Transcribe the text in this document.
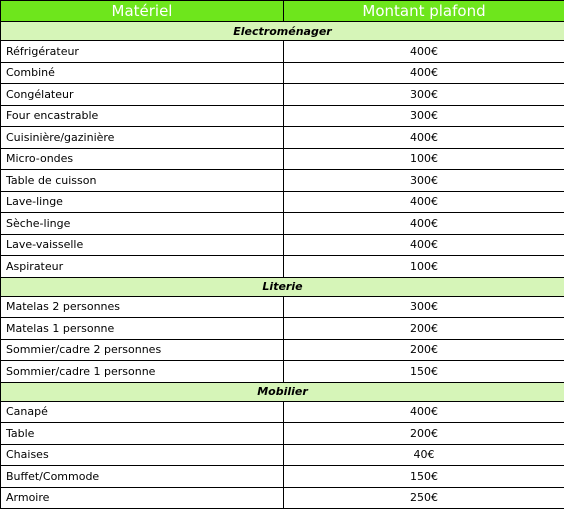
Matériel	Montant plafond
Electroménager	
Réfrigérateur	400€
Combiné	400€
Congélateur	300€
Four encastrable	300€
Cuisinière/gazinière	400€
Micro-ondes	100€
Table de cuisson	300€
Lave-linge	400€
Sèche-linge	400€
Lave-vaisselle	400€
Aspirateur	100€
Literie	
Matelas 2 personnes	300€
Matelas 1 personne	200€
Sommier/cadre 2 personnes	200€
Sommier/cadre 1 personne	150€
Mobilier	
Canapé	400€
Table	200€
Chaises	40€
Buffet/Commode	150€
Armoire	250€
